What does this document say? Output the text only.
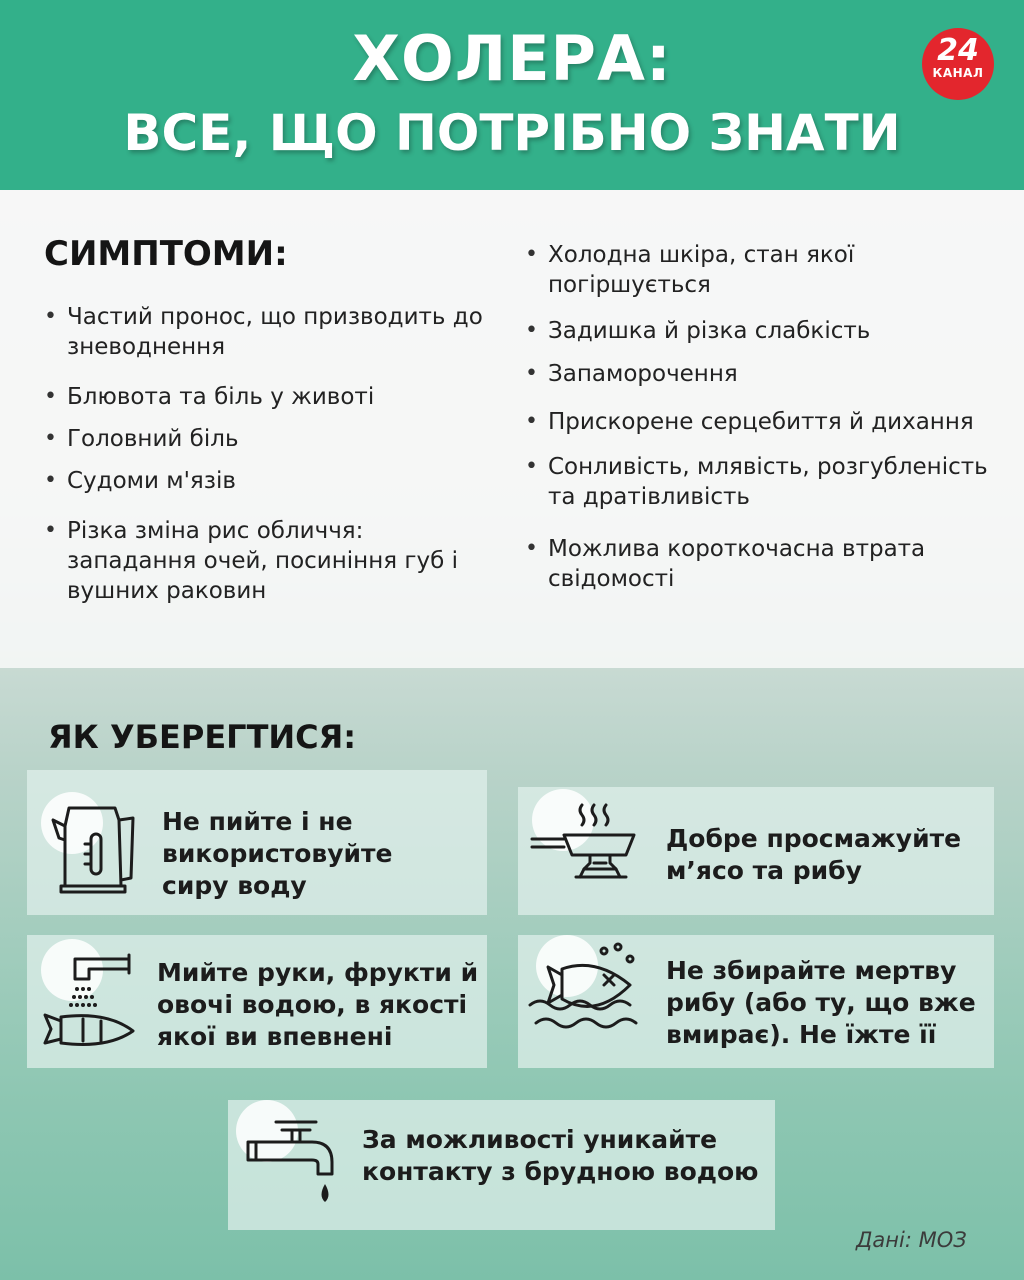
ХОЛЕРА:
ВСЕ, ЩО ПОТРІБНО ЗНАТИ
24
КАНАЛ
СИМПТОМИ:
• Частий пронос, що призводить до зневоднення
• Блювота та біль у животі
• Головний біль
• Судоми м'язів
• Різка зміна рис обличчя: западання очей, посиніння губ і вушних раковин
• Холодна шкіра, стан якої погіршується
• Задишка й різка слабкість
• Запаморочення
• Прискорене серцебиття й дихання
• Сонливість, млявість, розгубленість та дратівливість
• Можлива короткочасна втрата свідомості
ЯК УБЕРЕГТИСЯ:
Не пийте і не використовуйте сиру воду
Добре просмажуйте м’ясо та рибу
Мийте руки, фрукти й овочі водою, в якості якої ви впевнені
Не збирайте мертву рибу (або ту, що вже вмирає). Не їжте її
За можливості уникайте контакту з брудною водою
Дані: МОЗ
